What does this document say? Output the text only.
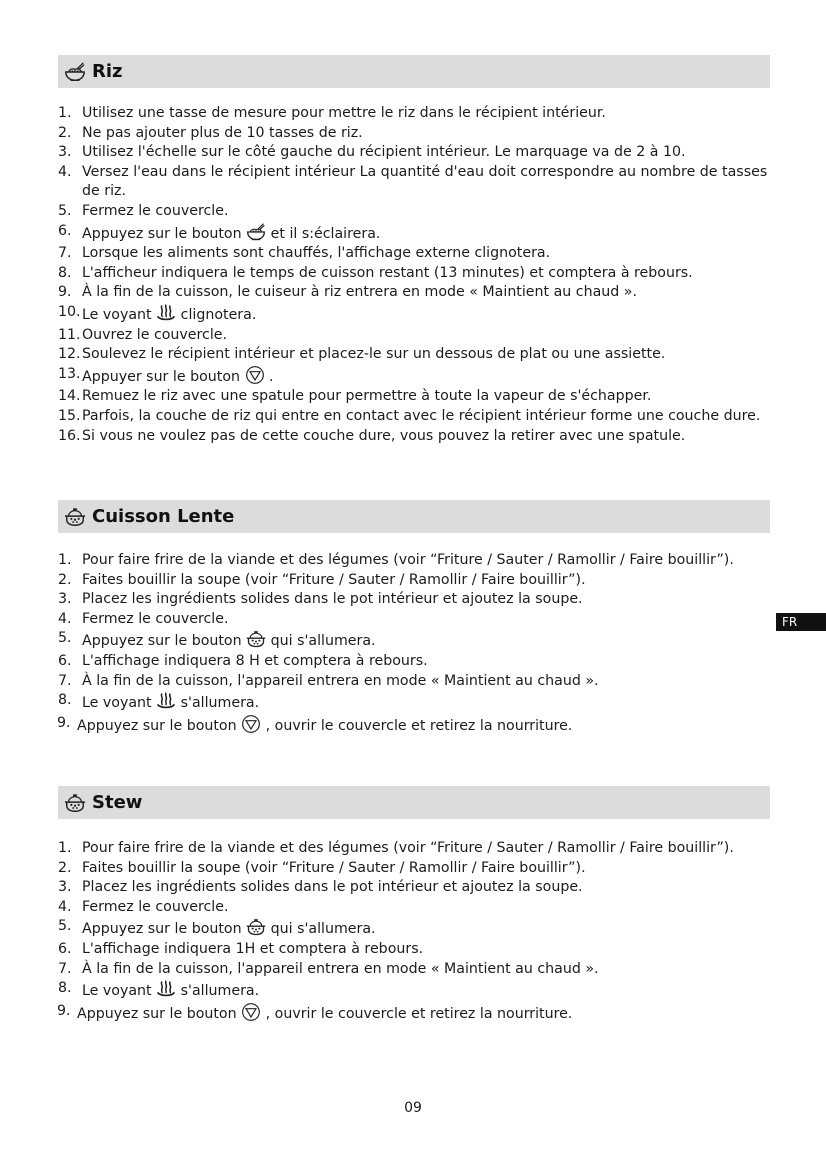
Riz
1. Utilisez une tasse de mesure pour mettre le riz dans le récipient intérieur.
2. Ne pas ajouter plus de 10 tasses de riz.
3. Utilisez l'échelle sur le côté gauche du récipient intérieur. Le marquage va de 2 à 10.
4. Versez l'eau dans le récipient intérieur La quantité d'eau doit correspondre au nombre de tasses de riz.
5. Fermez le couvercle.
6. Appuyez sur le bouton et il s:éclairera.
7. Lorsque les aliments sont chauffés, l'affichage externe clignotera.
8. L'afficheur indiquera le temps de cuisson restant (13 minutes) et comptera à rebours.
9. À la fin de la cuisson, le cuiseur à riz entrera en mode « Maintient au chaud ».
10. Le voyant clignotera.
11. Ouvrez le couvercle.
12. Soulevez le récipient intérieur et placez-le sur un dessous de plat ou une assiette.
13. Appuyer sur le bouton .
14. Remuez le riz avec une spatule pour permettre à toute la vapeur de s'échapper.
15. Parfois, la couche de riz qui entre en contact avec le récipient intérieur forme une couche dure.
16. Si vous ne voulez pas de cette couche dure, vous pouvez la retirer avec une spatule.
Cuisson Lente
1. Pour faire frire de la viande et des légumes (voir “Friture / Sauter / Ramollir / Faire bouillir”).
2. Faites bouillir la soupe (voir “Friture / Sauter / Ramollir / Faire bouillir”).
3. Placez les ingrédients solides dans le pot intérieur et ajoutez la soupe.
4. Fermez le couvercle.
5. Appuyez sur le bouton qui s'allumera.
6. L'affichage indiquera 8 H et comptera à rebours.
7. À la fin de la cuisson, l'appareil entrera en mode « Maintient au chaud ».
8. Le voyant s'allumera.
9. Appuyez sur le bouton , ouvrir le couvercle et retirez la nourriture.
FR
Stew
1. Pour faire frire de la viande et des légumes (voir “Friture / Sauter / Ramollir / Faire bouillir”).
2. Faites bouillir la soupe (voir “Friture / Sauter / Ramollir / Faire bouillir”).
3. Placez les ingrédients solides dans le pot intérieur et ajoutez la soupe.
4. Fermez le couvercle.
5. Appuyez sur le bouton qui s'allumera.
6. L'affichage indiquera 1H et comptera à rebours.
7. À la fin de la cuisson, l'appareil entrera en mode « Maintient au chaud ».
8. Le voyant s'allumera.
9. Appuyez sur le bouton , ouvrir le couvercle et retirez la nourriture.
09
